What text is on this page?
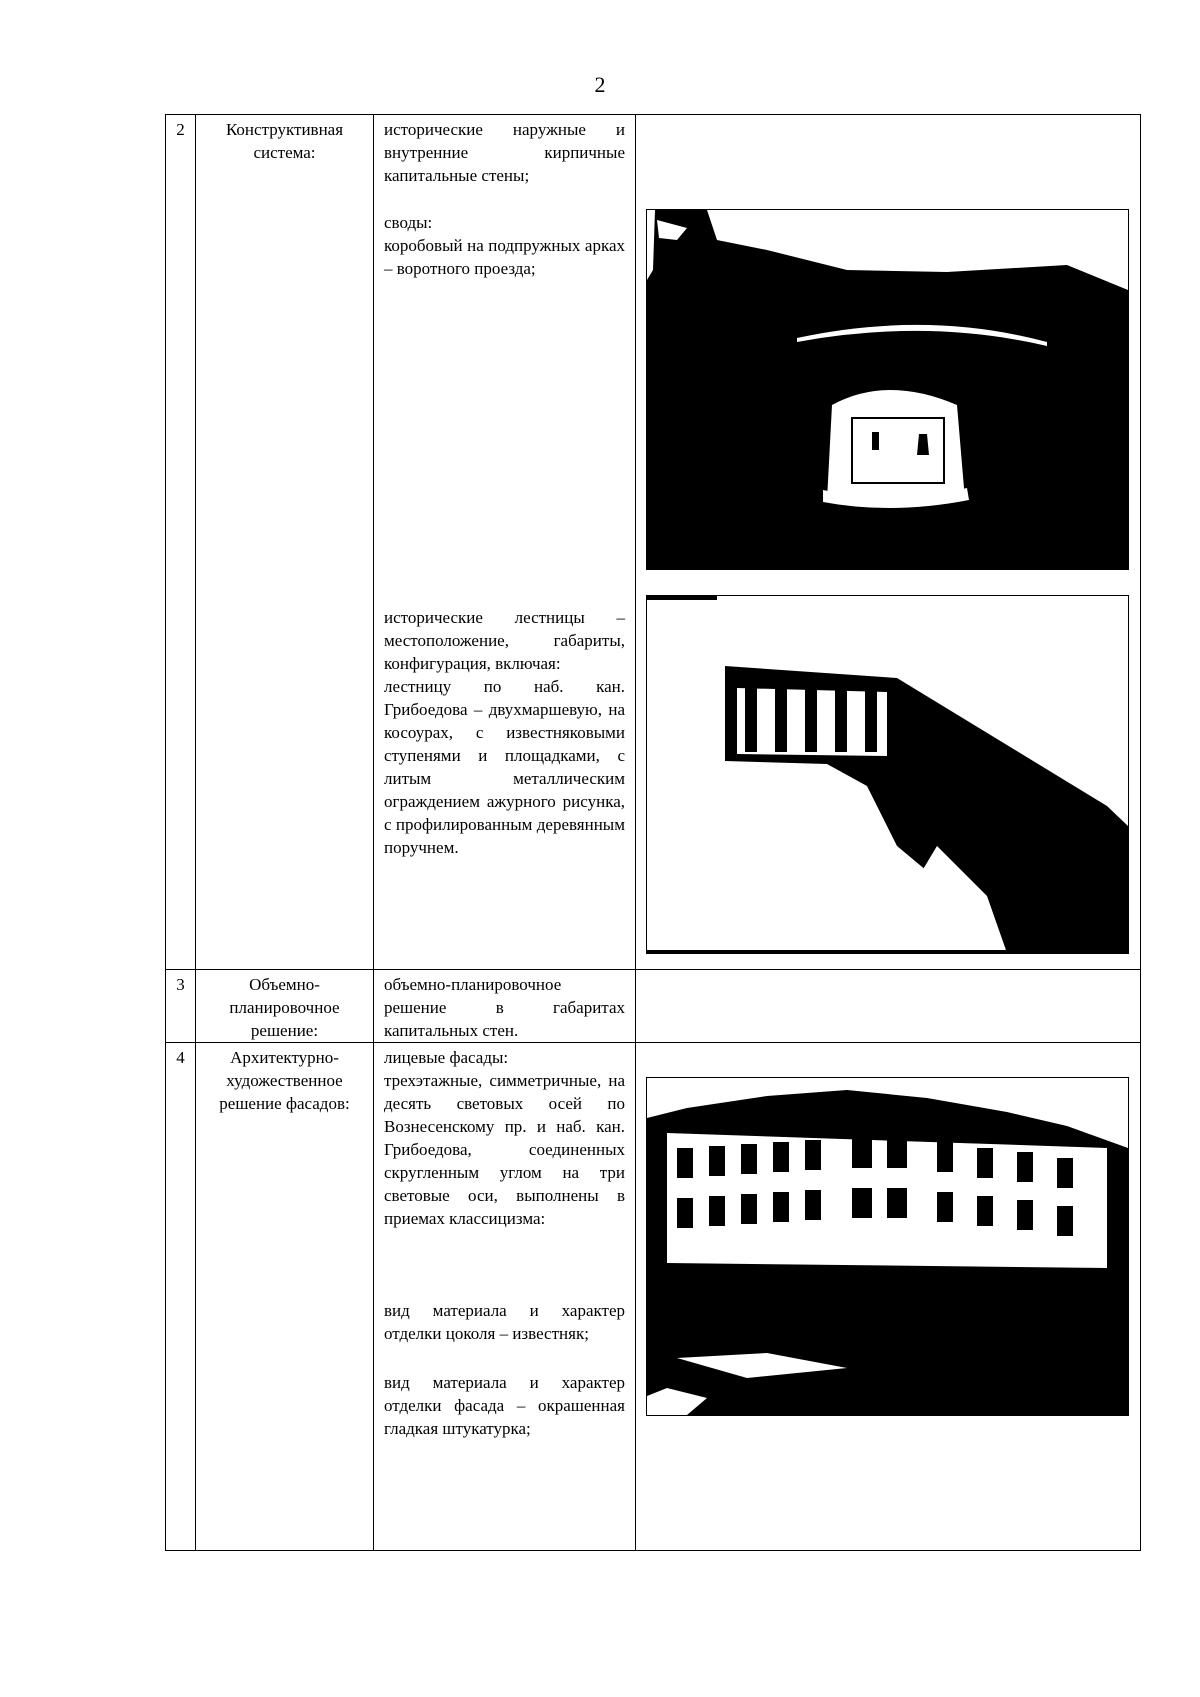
2
2	Конструктивная система:	исторические наружные и внутренние кирпичные капитальные стены;

своды:

коробовый на подпружных арках – воротного проезда;

исторические лестницы – местоположение, габариты, конфигурация, включая:

лестницу по наб. кан. Грибоедова – двухмаршевую, на косоурах, с известняковыми ступенями и площадками, с литым металлическим ограждением ажурного рисунка, с профилированным деревянным поручнем.

3	Объемно-планировочное решение:	объемно-планировочное решение в габаритах капитальных стен.	

4	Архитектурно-художественное решение фасадов:	лицевые фасады:

трехэтажные, симметричные, на десять световых осей по Вознесенскому пр. и наб. кан. Грибоедова, соединенных скругленным углом на три световые оси, выполнены в приемах классицизма:

вид материала и характер отделки цоколя – известняк;

вид материала и характер отделки фасада – окрашенная гладкая штукатурка;
